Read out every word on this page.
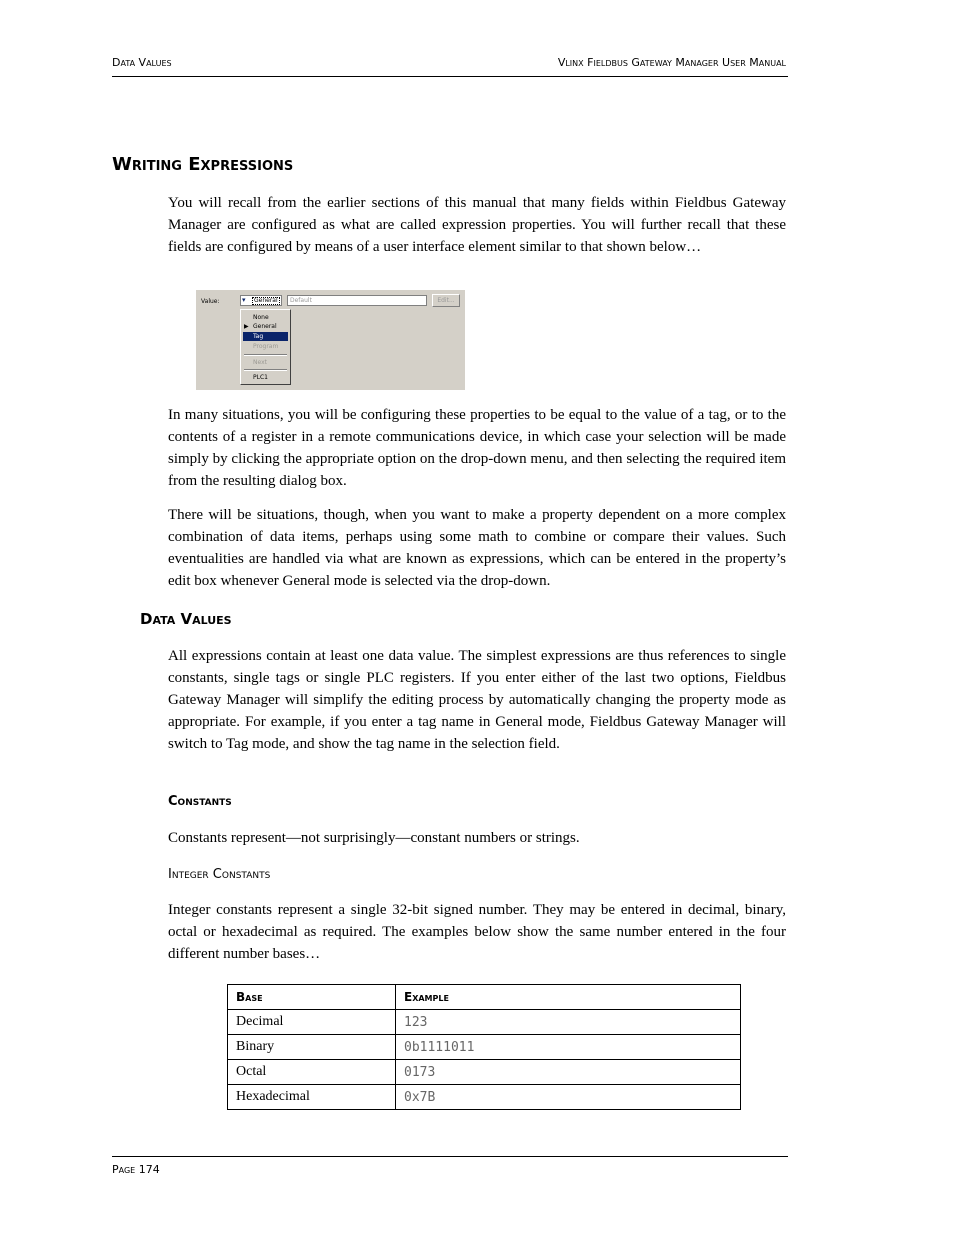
Data Values	Vlinx Fieldbus Gateway Manager User Manual
Writing Expressions

You will recall from the earlier sections of this manual that many fields within Fieldbus Gateway Manager are configured as what are called expression properties. You will further recall that these fields are configured by means of a user interface element similar to that shown below…

Value:	▾	General	Default	Edit...
None
▶ General
Tag
Program
Next
PLC1

In many situations, you will be configuring these properties to be equal to the value of a tag, or to the contents of a register in a remote communications device, in which case your selection will be made simply by clicking the appropriate option on the drop-down menu, and then selecting the required item from the resulting dialog box.

There will be situations, though, when you want to make a property dependent on a more complex combination of data items, perhaps using some math to combine or compare their values. Such eventualities are handled via what are known as expressions, which can be entered in the property’s edit box whenever General mode is selected via the drop-down.

Data Values

All expressions contain at least one data value. The simplest expressions are thus references to single constants, single tags or single PLC registers. If you enter either of the last two options, Fieldbus Gateway Manager will simplify the editing process by automatically changing the property mode as appropriate. For example, if you enter a tag name in General mode, Fieldbus Gateway Manager will switch to Tag mode, and show the tag name in the selection field.

Constants

Constants represent—not surprisingly—constant numbers or strings.

Integer Constants

Integer constants represent a single 32-bit signed number. They may be entered in decimal, binary, octal or hexadecimal as required. The examples below show the same number entered in the four different number bases…

Base	Example
Decimal	123
Binary	0b1111011
Octal	0173
Hexadecimal	0x7B
Page 174
